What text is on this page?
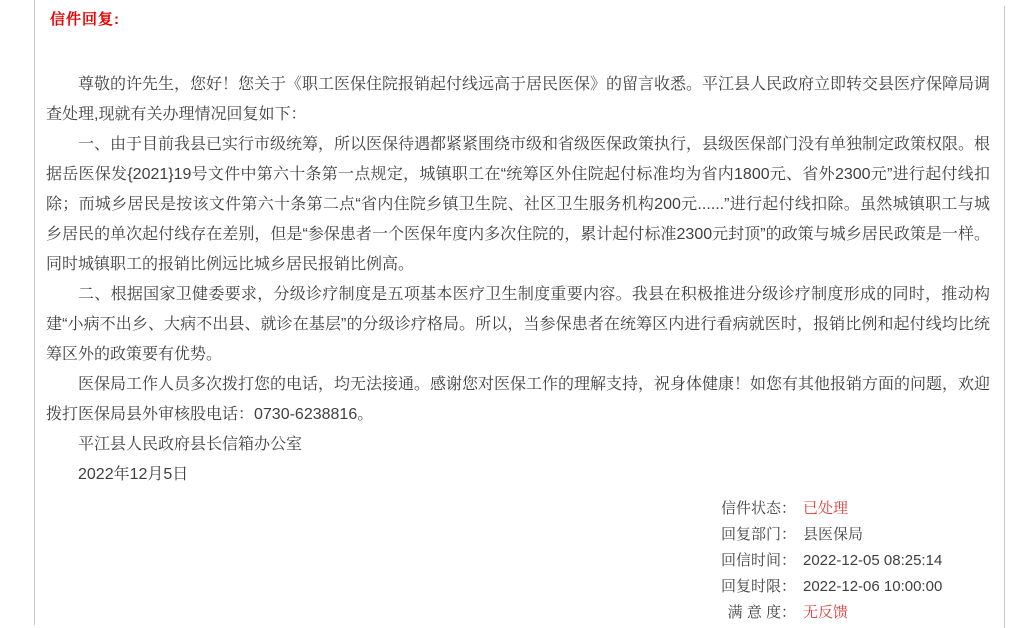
信件回复:

尊敬的许先生，您好！您关于《职工医保住院报销起付线远高于居民医保》的留言收悉。平江县人民政府立即转交县医疗保障局调查处理,现就有关办理情况回复如下：

一、由于目前我县已实行市级统筹，所以医保待遇都紧紧围绕市级和省级医保政策执行，县级医保部门没有单独制定政策权限。根据岳医保发{2021}19号文件中第六十条第一点规定，城镇职工在“统筹区外住院起付标准均为省内1800元、省外2300元”进行起付线扣除；而城乡居民是按该文件第六十条第二点“省内住院乡镇卫生院、社区卫生服务机构200元......”进行起付线扣除。虽然城镇职工与城乡居民的单次起付线存在差别，但是“参保患者一个医保年度内多次住院的，累计起付标准2300元封顶”的政策与城乡居民政策是一样。同时城镇职工的报销比例远比城乡居民报销比例高。

二、根据国家卫健委要求，分级诊疗制度是五项基本医疗卫生制度重要内容。我县在积极推进分级诊疗制度形成的同时，推动构建“小病不出乡、大病不出县、就诊在基层”的分级诊疗格局。所以，当参保患者在统筹区内进行看病就医时，报销比例和起付线均比统筹区外的政策要有优势。

医保局工作人员多次拨打您的电话，均无法接通。感谢您对医保工作的理解支持，祝身体健康！如您有其他报销方面的问题，欢迎拨打医保局县外审核股电话：0730-6238816。

平江县人民政府县长信箱办公室

2022年12月5日

信件状态： 已处理
回复部门： 县医保局
回信时间： 2022-12-05 08:25:14
回复时限： 2022-12-06 10:00:00
满 意 度： 无反馈
